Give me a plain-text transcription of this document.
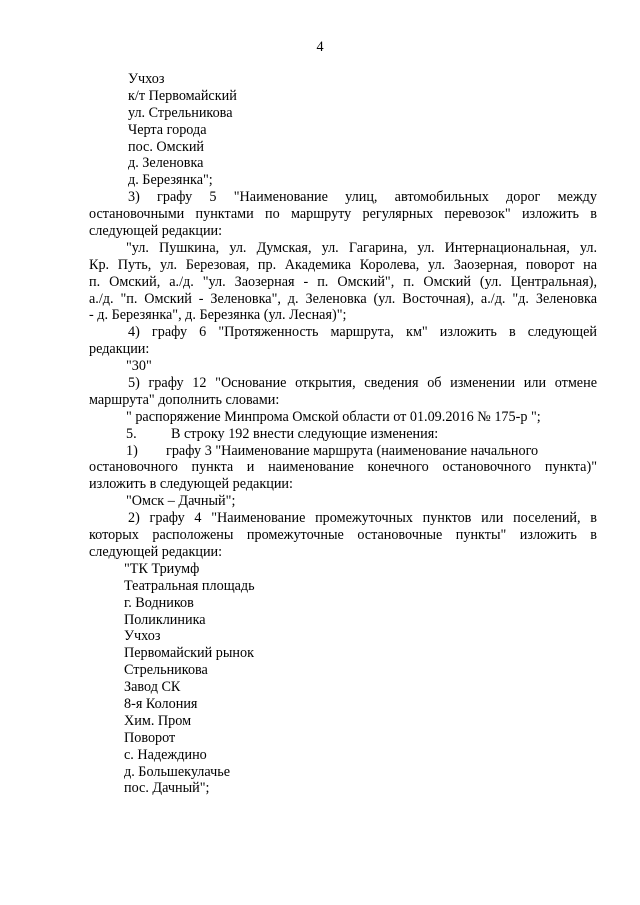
4
Учхоз
к/т Первомайский
ул. Стрельникова
Черта города
пос. Омский
д. Зеленовка
д. Березянка";
3) графу 5 "Наименование улиц, автомобильных дорог между
остановочными пунктами по маршруту регулярных перевозок" изложить в
следующей редакции:
"ул. Пушкина, ул. Думская, ул. Гагарина, ул. Интернациональная, ул.
Кр. Путь, ул. Березовая, пр. Академика Королева, ул. Заозерная, поворот на
п. Омский, а./д. "ул. Заозерная - п. Омский", п. Омский (ул. Центральная),
а./д. "п. Омский - Зеленовка", д. Зеленовка (ул. Восточная), а./д. "д. Зеленовка
- д. Березянка", д. Березянка (ул. Лесная)";
4) графу 6 "Протяженность маршрута, км" изложить в следующей
редакции:
"30"
5) графу 12 "Основание открытия, сведения об изменении или отмене
маршрута" дополнить словами:
" распоряжение Минпрома Омской области от 01.09.2016 № 175-р ";
5. В строку 192 внести следующие изменения:
1) графу 3 "Наименование маршрута (наименование начального
остановочного пункта и наименование конечного остановочного пункта)"
изложить в следующей редакции:
"Омск – Дачный";
2) графу 4 "Наименование промежуточных пунктов или поселений, в
которых расположены промежуточные остановочные пункты" изложить в
следующей редакции:
"ТК Триумф
Театральная площадь
г. Водников
Поликлиника
Учхоз
Первомайский рынок
Стрельникова
Завод СК
8-я Колония
Хим. Пром
Поворот
с. Надеждино
д. Большекулачье
пос. Дачный";
